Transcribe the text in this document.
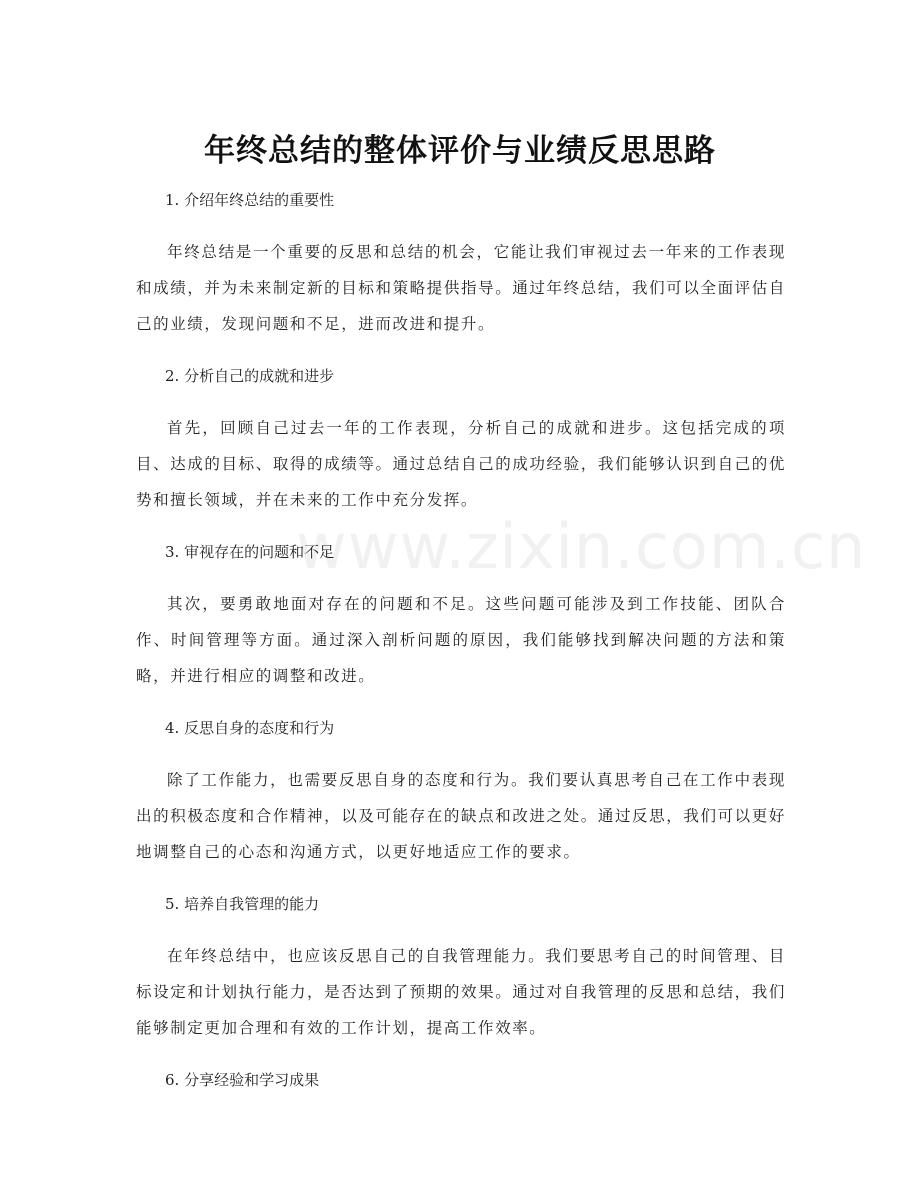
www.zixin.com.cn
年终总结的整体评价与业绩反思思路

1. 介绍年终总结的重要性

年终总结是一个重要的反思和总结的机会，它能让我们审视过去一年来的工作表现和成绩，并为未来制定新的目标和策略提供指导。通过年终总结，我们可以全面评估自己的业绩，发现问题和不足，进而改进和提升。

2. 分析自己的成就和进步

首先，回顾自己过去一年的工作表现，分析自己的成就和进步。这包括完成的项目、达成的目标、取得的成绩等。通过总结自己的成功经验，我们能够认识到自己的优势和擅长领域，并在未来的工作中充分发挥。

3. 审视存在的问题和不足

其次，要勇敢地面对存在的问题和不足。这些问题可能涉及到工作技能、团队合作、时间管理等方面。通过深入剖析问题的原因，我们能够找到解决问题的方法和策略，并进行相应的调整和改进。

4. 反思自身的态度和行为

除了工作能力，也需要反思自身的态度和行为。我们要认真思考自己在工作中表现出的积极态度和合作精神，以及可能存在的缺点和改进之处。通过反思，我们可以更好地调整自己的心态和沟通方式，以更好地适应工作的要求。

5. 培养自我管理的能力

在年终总结中，也应该反思自己的自我管理能力。我们要思考自己的时间管理、目标设定和计划执行能力，是否达到了预期的效果。通过对自我管理的反思和总结，我们能够制定更加合理和有效的工作计划，提高工作效率。

6. 分享经验和学习成果
